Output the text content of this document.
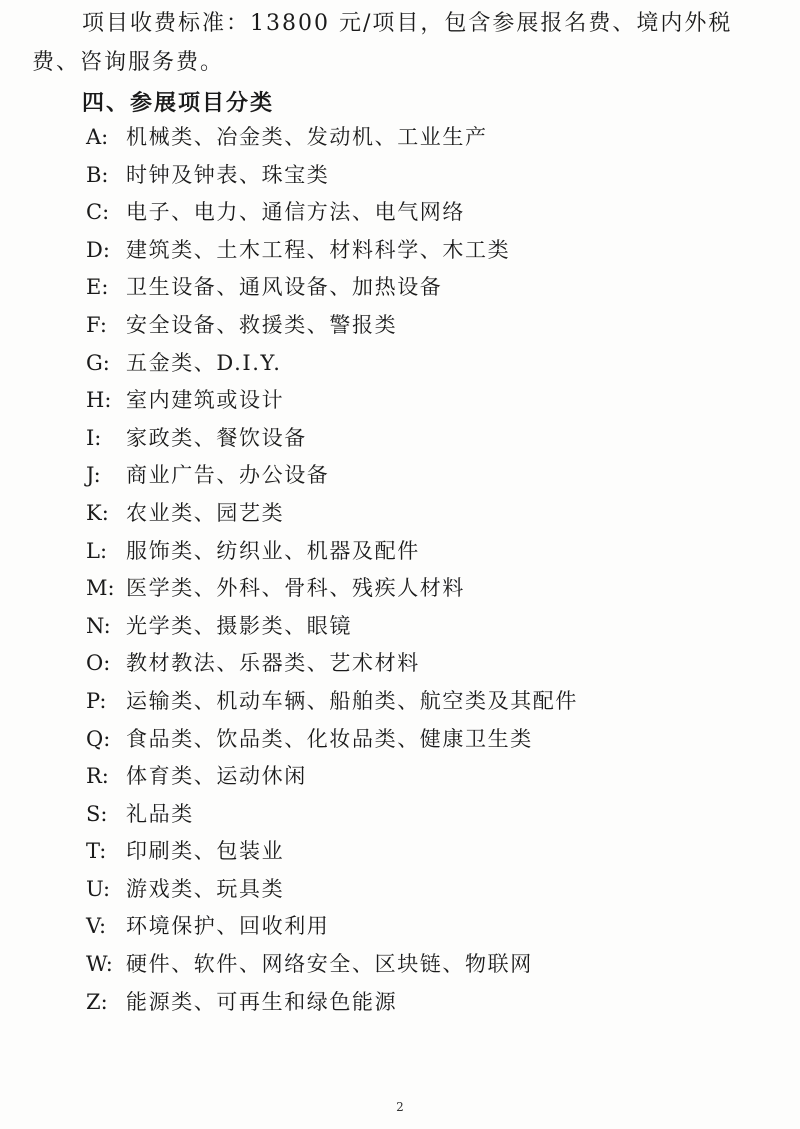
项目收费标准：13800 元/项目，包含参展报名费、境内外税
费、咨询服务费。
四、参展项目分类
A: 机械类、冶金类、发动机、工业生产
B: 时钟及钟表、珠宝类
C: 电子、电力、通信方法、电气网络
D: 建筑类、土木工程、材料科学、木工类
E: 卫生设备、通风设备、加热设备
F: 安全设备、救援类、警报类
G: 五金类、D.I.Y.
H: 室内建筑或设计
I: 家政类、餐饮设备
J: 商业广告、办公设备
K: 农业类、园艺类
L: 服饰类、纺织业、机器及配件
M: 医学类、外科、骨科、残疾人材料
N: 光学类、摄影类、眼镜
O: 教材教法、乐器类、艺术材料
P: 运输类、机动车辆、船舶类、航空类及其配件
Q: 食品类、饮品类、化妆品类、健康卫生类
R: 体育类、运动休闲
S: 礼品类
T: 印刷类、包装业
U: 游戏类、玩具类
V: 环境保护、回收利用
W: 硬件、软件、网络安全、区块链、物联网
Z: 能源类、可再生和绿色能源
2
